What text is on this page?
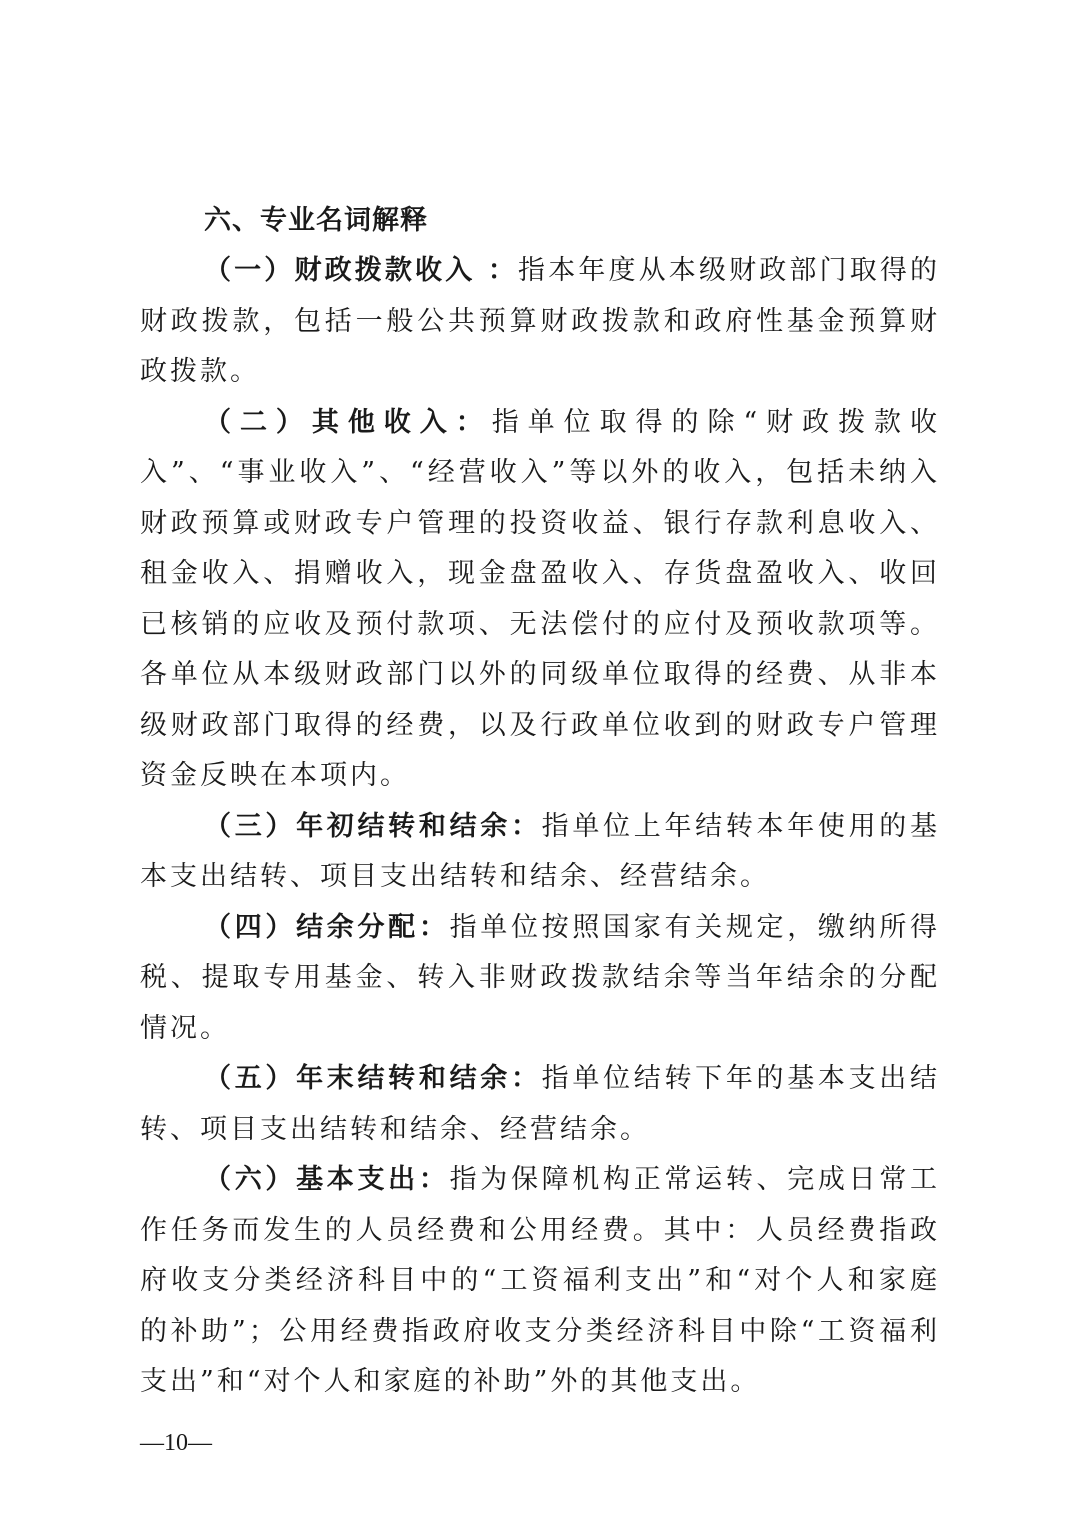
六、专业名词解释

（一）财政拨款收入 ：指本年度从本级财政部门取得的财政拨款，包括一般公共预算财政拨款和政府性基金预算财政拨款。

（二）其他收入：指单位取得的除“财政拨款收入”、“事业收入”、“经营收入”等以外的收入，包括未纳入财政预算或财政专户管理的投资收益、银行存款利息收入、租金收入、捐赠收入，现金盘盈收入、存货盘盈收入、收回已核销的应收及预付款项、无法偿付的应付及预收款项等。各单位从本级财政部门以外的同级单位取得的经费、从非本级财政部门取得的经费，以及行政单位收到的财政专户管理资金反映在本项内。

（三）年初结转和结余：指单位上年结转本年使用的基本支出结转、项目支出结转和结余、经营结余。

（四）结余分配：指单位按照国家有关规定，缴纳所得税、提取专用基金、转入非财政拨款结余等当年结余的分配情况。

（五）年末结转和结余：指单位结转下年的基本支出结转、项目支出结转和结余、经营结余。

（六）基本支出：指为保障机构正常运转、完成日常工作任务而发生的人员经费和公用经费。其中：人员经费指政府收支分类经济科目中的“工资福利支出”和“对个人和家庭的补助”；公用经费指政府收支分类经济科目中除“工资福利支出”和“对个人和家庭的补助”外的其他支出。

—10—
